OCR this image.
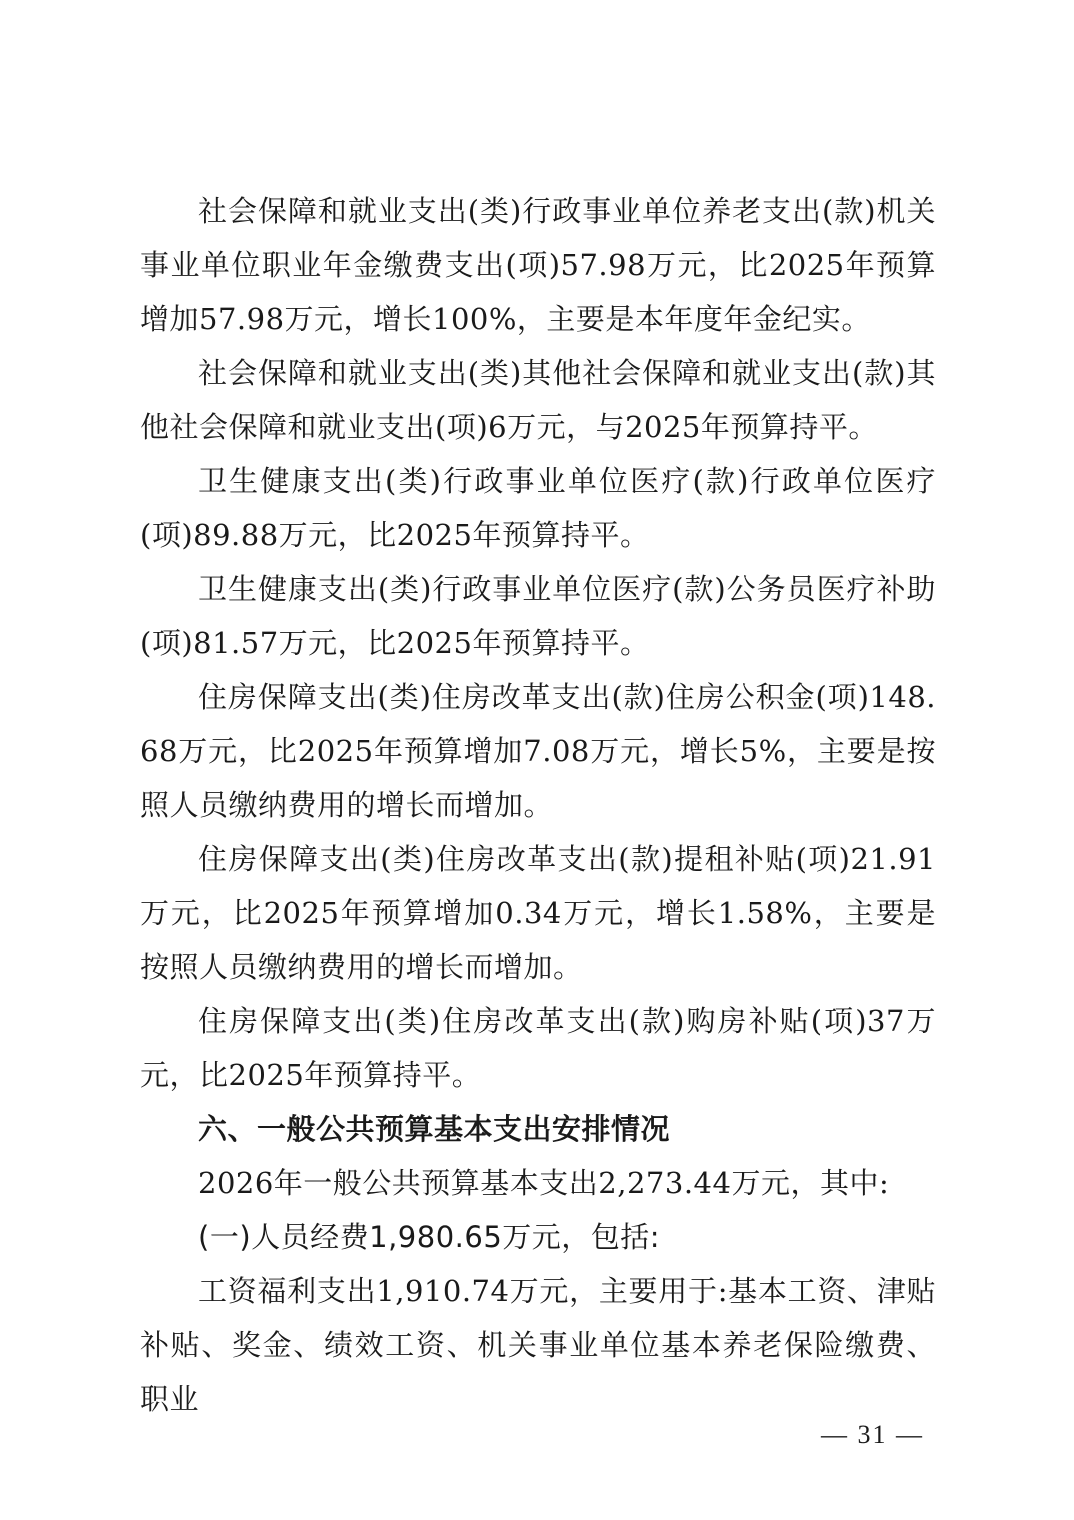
社会保障和就业支出(类)行政事业单位养老支出(款)机关事业单位职业年金缴费支出(项)57.98万元，比2025年预算增加57.98万元，增长100%，主要是本年度年金纪实。

社会保障和就业支出(类)其他社会保障和就业支出(款)其他社会保障和就业支出(项)6万元，与2025年预算持平。

卫生健康支出(类)行政事业单位医疗(款)行政单位医疗(项)89.88万元，比2025年预算持平。

卫生健康支出(类)行政事业单位医疗(款)公务员医疗补助(项)81.57万元，比2025年预算持平。

住房保障支出(类)住房改革支出(款)住房公积金(项)148.68万元，比2025年预算增加7.08万元，增长5%，主要是按照人员缴纳费用的增长而增加。

住房保障支出(类)住房改革支出(款)提租补贴(项)21.91万元，比2025年预算增加0.34万元，增长1.58%，主要是按照人员缴纳费用的增长而增加。

住房保障支出(类)住房改革支出(款)购房补贴(项)37万元，比2025年预算持平。

六、一般公共预算基本支出安排情况

2026年一般公共预算基本支出2,273.44万元，其中:

(一)人员经费1,980.65万元，包括:

工资福利支出1,910.74万元，主要用于:基本工资、津贴补贴、奖金、绩效工资、机关事业单位基本养老保险缴费、职业

— 31 —
